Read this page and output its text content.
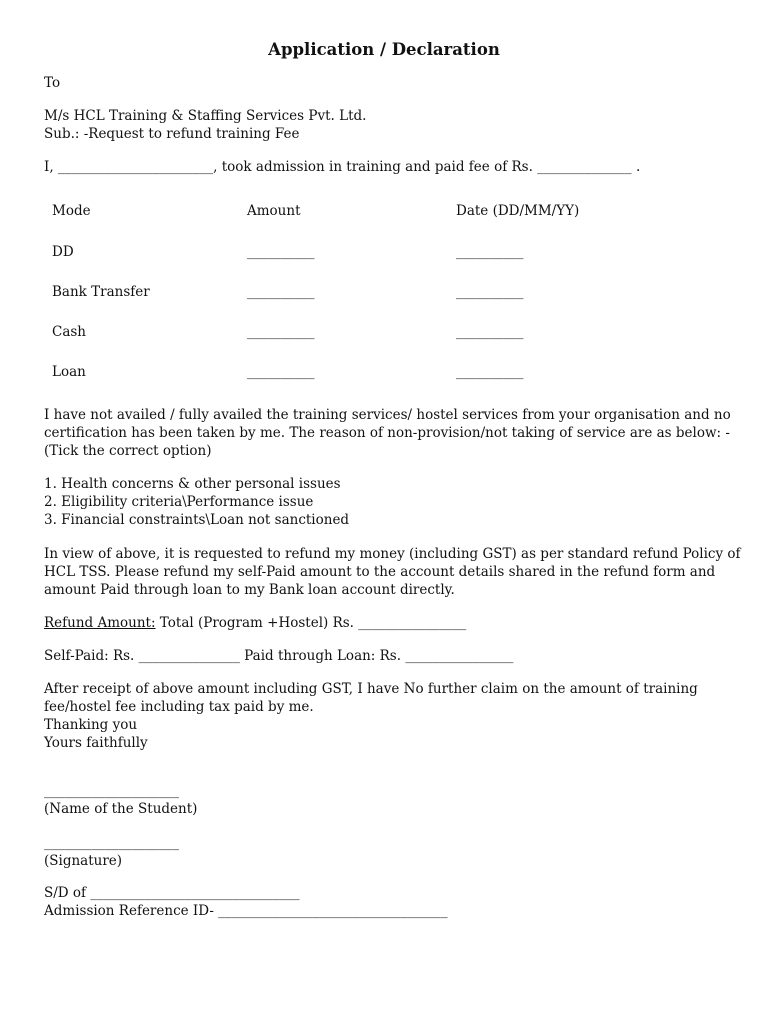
Application / Declaration
To
M/s HCL Training & Staffing Services Pvt. Ltd.
Sub.: -Request to refund training Fee
I, _______________________, took admission in training and paid fee of Rs. ______________ .
Mode	Amount	Date (DD/MM/YY)
DD	__________	__________
Bank Transfer	__________	__________
Cash	__________	__________
Loan	__________	__________
I have not availed / fully availed the training services/ hostel services from your organisation and no
certification has been taken by me. The reason of non-provision/not taking of service are as below: -
(Tick the correct option)
1. Health concerns & other personal issues
2. Eligibility criteria\Performance issue
3. Financial constraints\Loan not sanctioned
In view of above, it is requested to refund my money (including GST) as per standard refund Policy of
HCL TSS. Please refund my self-Paid amount to the account details shared in the refund form and
amount Paid through loan to my Bank loan account directly.
Refund Amount: Total (Program +Hostel) Rs. ________________
Self-Paid: Rs. _______________ Paid through Loan: Rs. ________________
After receipt of above amount including GST, I have No further claim on the amount of training
fee/hostel fee including tax paid by me.
Thanking you
Yours faithfully
____________________
(Name of the Student)
____________________
(Signature)
S/D of _______________________________
Admission Reference ID- __________________________________
